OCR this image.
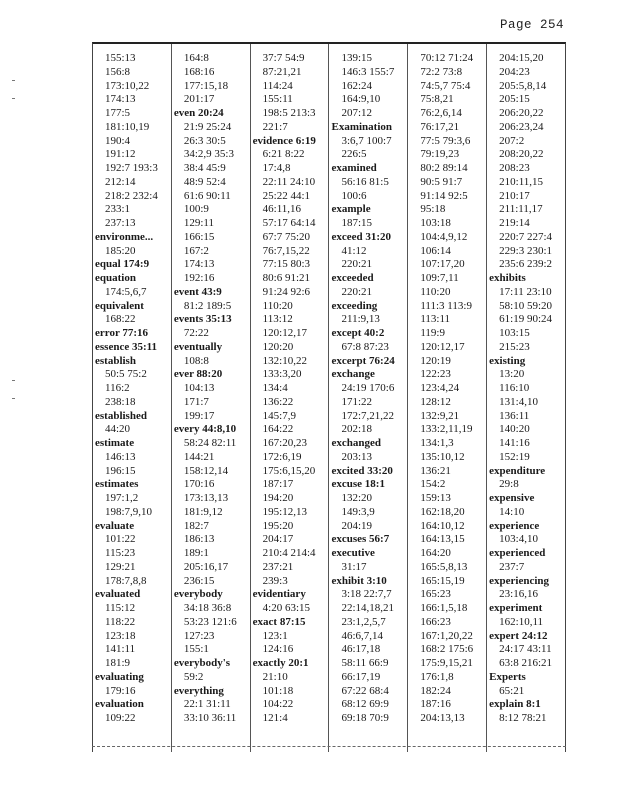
Page 254
155:13
156:8
173:10,22
174:13
177:5
181:10,19
190:4
191:12
192:7 193:3
212:14
218:2 232:4
233:1
237:13
environme...
185:20
equal 174:9
equation
174:5,6,7
equivalent
168:22
error 77:16
essence 35:11
establish
50:5 75:2
116:2
238:18
established
44:20
estimate
146:13
196:15
estimates
197:1,2
198:7,9,10
evaluate
101:22
115:23
129:21
178:7,8,8
evaluated
115:12
118:22
123:18
141:11
181:9
evaluating
179:16
evaluation
109:22
164:8
168:16
177:15,18
201:17
even 20:24
21:9 25:24
26:3 30:5
34:2,9 35:3
38:4 45:9
48:9 52:4
61:6 90:11
100:9
129:11
166:15
167:2
174:13
192:16
event 43:9
81:2 189:5
events 35:13
72:22
eventually
108:8
ever 88:20
104:13
171:7
199:17
every 44:8,10
58:24 82:11
144:21
158:12,14
170:16
173:13,13
181:9,12
182:7
186:13
189:1
205:16,17
236:15
everybody
34:18 36:8
53:23 121:6
127:23
155:1
everybody's
59:2
everything
22:1 31:11
33:10 36:11
37:7 54:9
87:21,21
114:24
155:11
198:5 213:3
221:7
evidence 6:19
6:21 8:22
17:4,8
22:11 24:10
25:22 44:1
46:11,16
57:17 64:14
67:7 75:20
76:7,15,22
77:15 80:3
80:6 91:21
91:24 92:6
110:20
113:12
120:12,17
120:20
132:10,22
133:3,20
134:4
136:22
145:7,9
164:22
167:20,23
172:6,19
175:6,15,20
187:17
194:20
195:12,13
195:20
204:17
210:4 214:4
237:21
239:3
evidentiary
4:20 63:15
exact 87:15
123:1
124:16
exactly 20:1
21:10
101:18
104:22
121:4
139:15
146:3 155:7
162:24
164:9,10
207:12
Examination
3:6,7 100:7
226:5
examined
56:16 81:5
100:6
example
187:15
exceed 31:20
41:12
220:21
exceeded
220:21
exceeding
211:9,13
except 40:2
67:8 87:23
excerpt 76:24
exchange
24:19 170:6
171:22
172:7,21,22
202:18
exchanged
203:13
excited 33:20
excuse 18:1
132:20
149:3,9
204:19
excuses 56:7
executive
31:17
exhibit 3:10
3:18 22:7,7
22:14,18,21
23:1,2,5,7
46:6,7,14
46:17,18
58:11 66:9
66:17,19
67:22 68:4
68:12 69:9
69:18 70:9
70:12 71:24
72:2 73:8
74:5,7 75:4
75:8,21
76:2,6,14
76:17,21
77:5 79:3,6
79:19,23
80:2 89:14
90:5 91:7
91:14 92:5
95:18
103:18
104:4,9,12
106:14
107:17,20
109:7,11
110:20
111:3 113:9
113:11
119:9
120:12,17
120:19
122:23
123:4,24
128:12
132:9,21
133:2,11,19
134:1,3
135:10,12
136:21
154:2
159:13
162:18,20
164:10,12
164:13,15
164:20
165:5,8,13
165:15,19
165:23
166:1,5,18
166:23
167:1,20,22
168:2 175:6
175:9,15,21
176:1,8
182:24
187:16
204:13,13
204:15,20
204:23
205:5,8,14
205:15
206:20,22
206:23,24
207:2
208:20,22
208:23
210:11,15
210:17
211:11,17
219:14
220:7 227:4
229:3 230:1
235:6 239:2
exhibits
17:11 23:10
58:10 59:20
61:19 90:24
103:15
215:23
existing
13:20
116:10
131:4,10
136:11
140:20
141:16
152:19
expenditure
29:8
expensive
14:10
experience
103:4,10
experienced
237:7
experiencing
23:16,16
experiment
162:10,11
expert 24:12
24:17 43:11
63:8 216:21
Experts
65:21
explain 8:1
8:12 78:21
